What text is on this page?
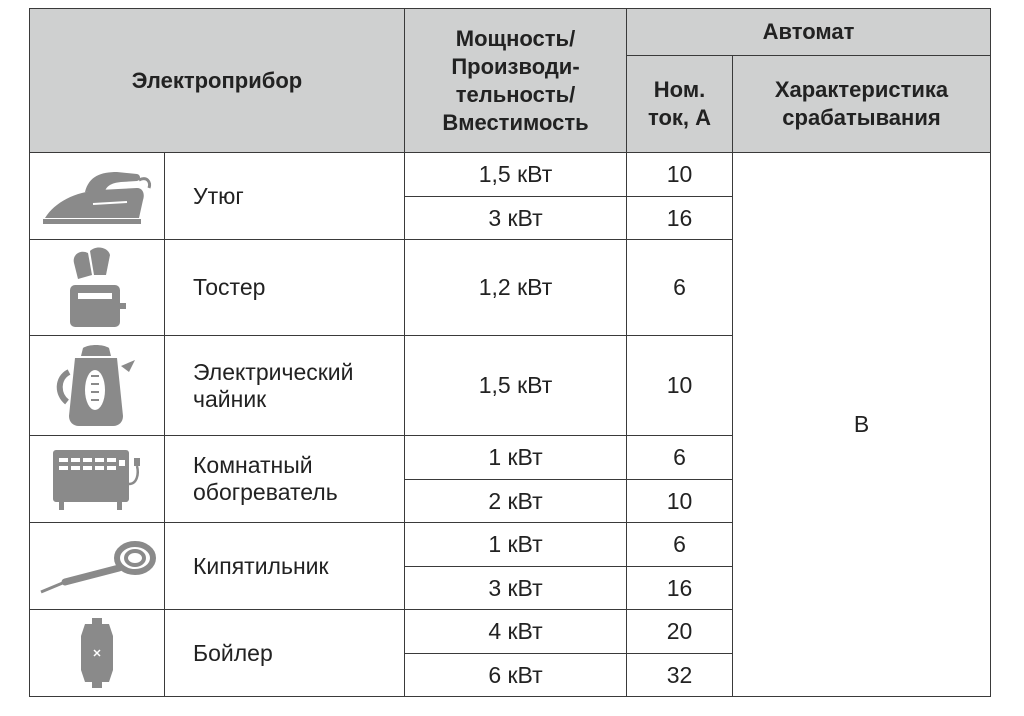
Электроприбор		Мощность/
Производи-
тельность/
Вместимость	Автомат	
			Ном.
ток, А	Характеристика
срабатывания

	Утюг	1,5 кВт	10	B
		3 кВт	16	

	Тостер	1,2 кВт	6	

	Электрический
чайник	1,5 кВт	10	

	Комнатный
обогреватель	1 кВт	6	
		2 кВт	10	

	Кипятильник	1 кВт	6	
		3 кВт	16	

	Бойлер	4 кВт	20	
		6 кВт	32	
